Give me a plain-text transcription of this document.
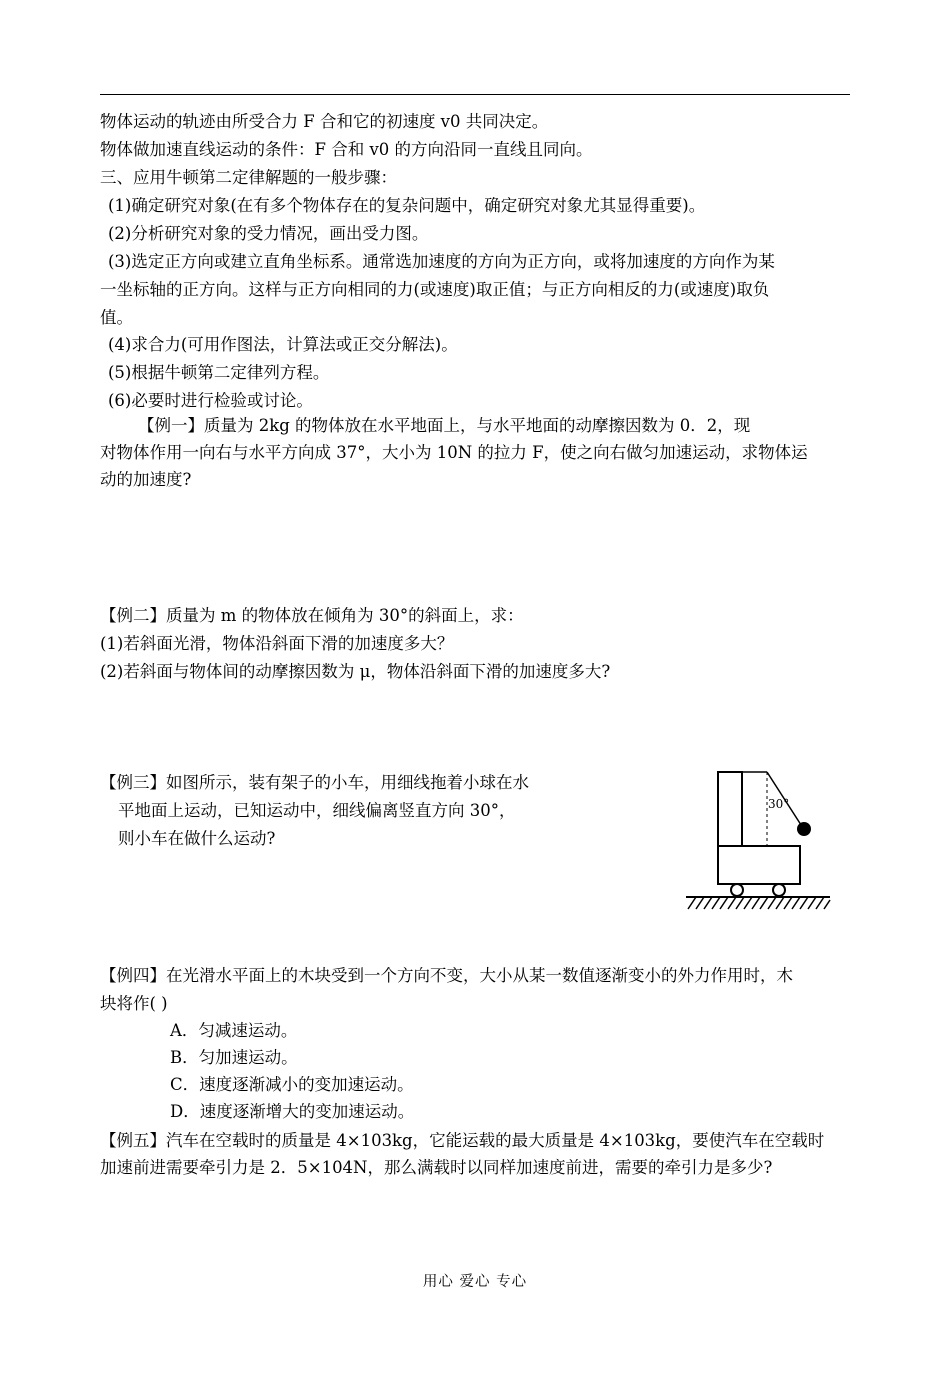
物体运动的轨迹由所受合力 F 合和它的初速度 v0 共同决定。
物体做加速直线运动的条件：F 合和 v0 的方向沿同一直线且同向。
三、应用牛顿第二定律解题的一般步骤：
(1)确定研究对象(在有多个物体存在的复杂问题中，确定研究对象尤其显得重要)。
(2)分析研究对象的受力情况，画出受力图。
(3)选定正方向或建立直角坐标系。通常选加速度的方向为正方向，或将加速度的方向作为某
一坐标轴的正方向。这样与正方向相同的力(或速度)取正值；与正方向相反的力(或速度)取负
值。
(4)求合力(可用作图法，计算法或正交分解法)。
(5)根据牛顿第二定律列方程。
(6)必要时进行检验或讨论。
【例一】质量为 2kg 的物体放在水平地面上，与水平地面的动摩擦因数为 0．2，现
对物体作用一向右与水平方向成 37°，大小为 10N 的拉力 F，使之向右做匀加速运动，求物体运
动的加速度?
【例二】质量为 m 的物体放在倾角为 30°的斜面上，求：
(1)若斜面光滑，物体沿斜面下滑的加速度多大？
(2)若斜面与物体间的动摩擦因数为 μ，物体沿斜面下滑的加速度多大?
【例三】如图所示，装有架子的小车，用细线拖着小球在水
平地面上运动，已知运动中，细线偏离竖直方向 30°，
则小车在做什么运动?
【例四】在光滑水平面上的木块受到一个方向不变，大小从某一数值逐渐变小的外力作用时，木
块将作( )
A．匀减速运动。
B．匀加速运动。
C．速度逐渐减小的变加速运动。
D．速度逐渐增大的变加速运动。
【例五】汽车在空载时的质量是 4×103kg，它能运载的最大质量是 4×103kg，要使汽车在空载时
加速前进需要牵引力是 2．5×104N，那么满载时以同样加速度前进，需要的牵引力是多少?
30°
用心 爱心 专心
